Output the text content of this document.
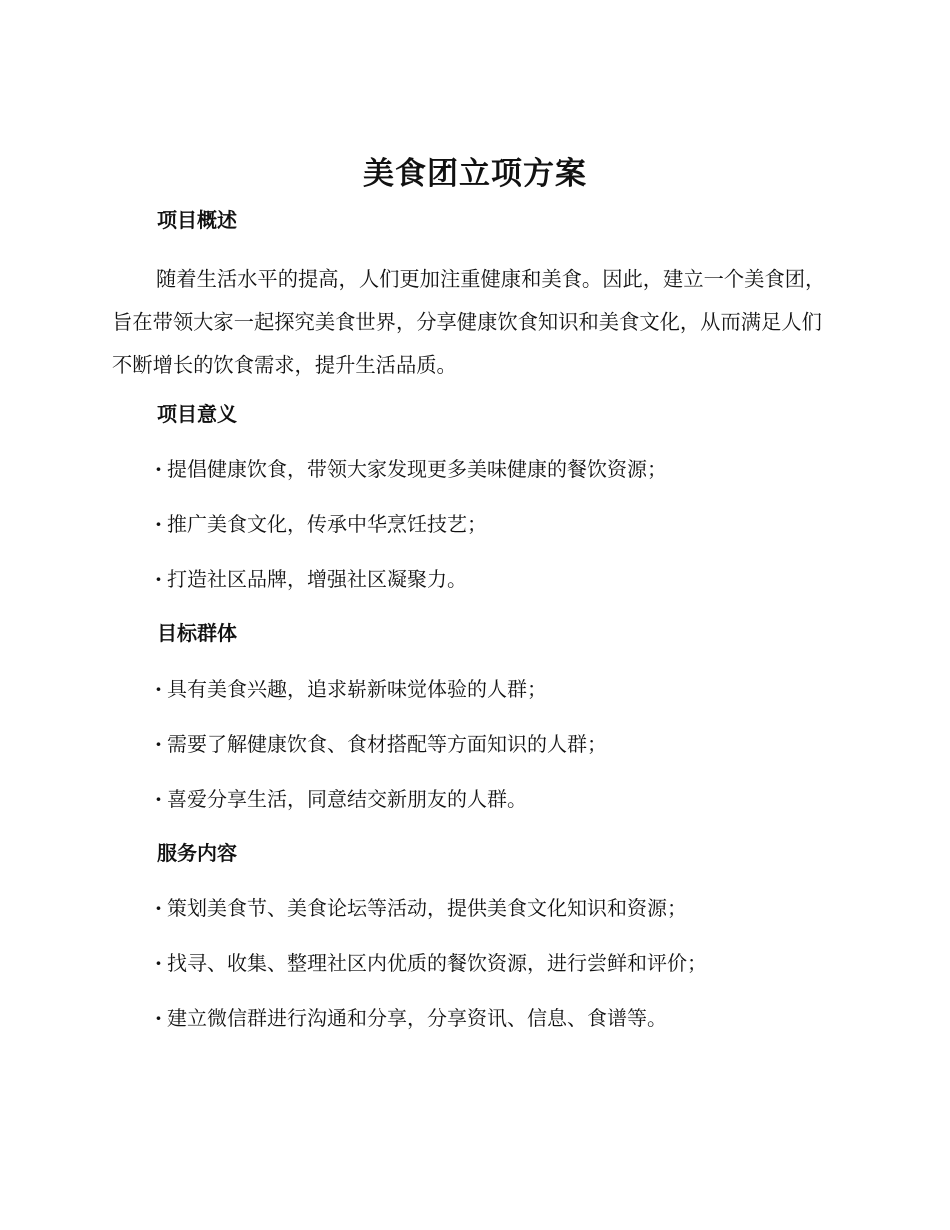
美食团立项方案
项目概述

随着生活水平的提高，人们更加注重健康和美食。因此，建立一个美食团，旨在带领大家一起探究美食世界，分享健康饮食知识和美食文化，从而满足人们不断增长的饮食需求，提升生活品质。

项目意义
· 提倡健康饮食，带领大家发现更多美味健康的餐饮资源；
· 推广美食文化，传承中华烹饪技艺；
· 打造社区品牌，增强社区凝聚力。
目标群体
· 具有美食兴趣，追求崭新味觉体验的人群；
· 需要了解健康饮食、食材搭配等方面知识的人群；
· 喜爱分享生活，同意结交新朋友的人群。
服务内容
· 策划美食节、美食论坛等活动，提供美食文化知识和资源；
· 找寻、收集、整理社区内优质的餐饮资源，进行尝鲜和评价；
· 建立微信群进行沟通和分享，分享资讯、信息、食谱等。
